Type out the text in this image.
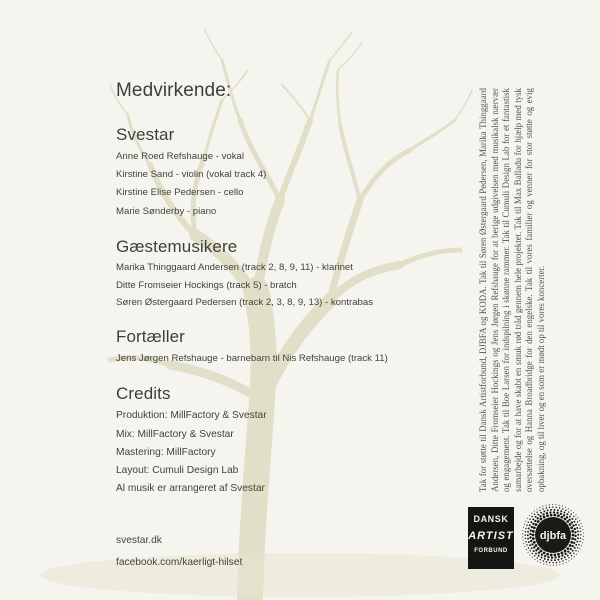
Medvirkende:
Svestar
Anne Roed Refshauge - vokal
Kirstine Sand - violin (vokal track 4)
Kirstine Elise Pedersen - cello
Marie Sønderby - piano
Gæstemusikere
Marika Thinggaard Andersen (track 2, 8, 9, 11) - klarinet
Ditte Fromseier Hockings (track 5) - bratch
Søren Østergaard Pedersen (track 2, 3, 8, 9, 13) - kontrabas
Fortæller
Jens Jørgen Refshauge - barnebarn til Nis Refshauge (track 11)
Credits
Produktion: MillFactory & Svestar
Mix: MillFactory & Svestar
Mastering: MillFactory
Layout: Cumuli Design Lab
Al musik er arrangeret af Svestar
svestar.dk
facebook.com/kaerligt-hilset
Tak for støtte til Dansk Artistforbund, DJBFA og KODA. Tak til Søren Østergaard Pedersen, Marika Thinggaard Andersen, Ditte Fromseier Hockings og Jens Jørgen Refshauge for at berige udgivelsen med musikalsk nærvær og engagement. Tak til Boe Larsen for indspilning i skønne rammer. Tak til Cumuli Design Lab for et fantastisk samarbejde og for at have skabt en smuk rød tråd gennem hele projektet. Tak til Max Balladu for hjælp med tysk oversættelse og Hanna Broadbridge for den engelske. Tak til vores familier og venner for stor støtte og evig opbakning, og til hver og en som er mødt op til vores koncerter.
DANSK
ARTIST
FORBUND
djbfa
